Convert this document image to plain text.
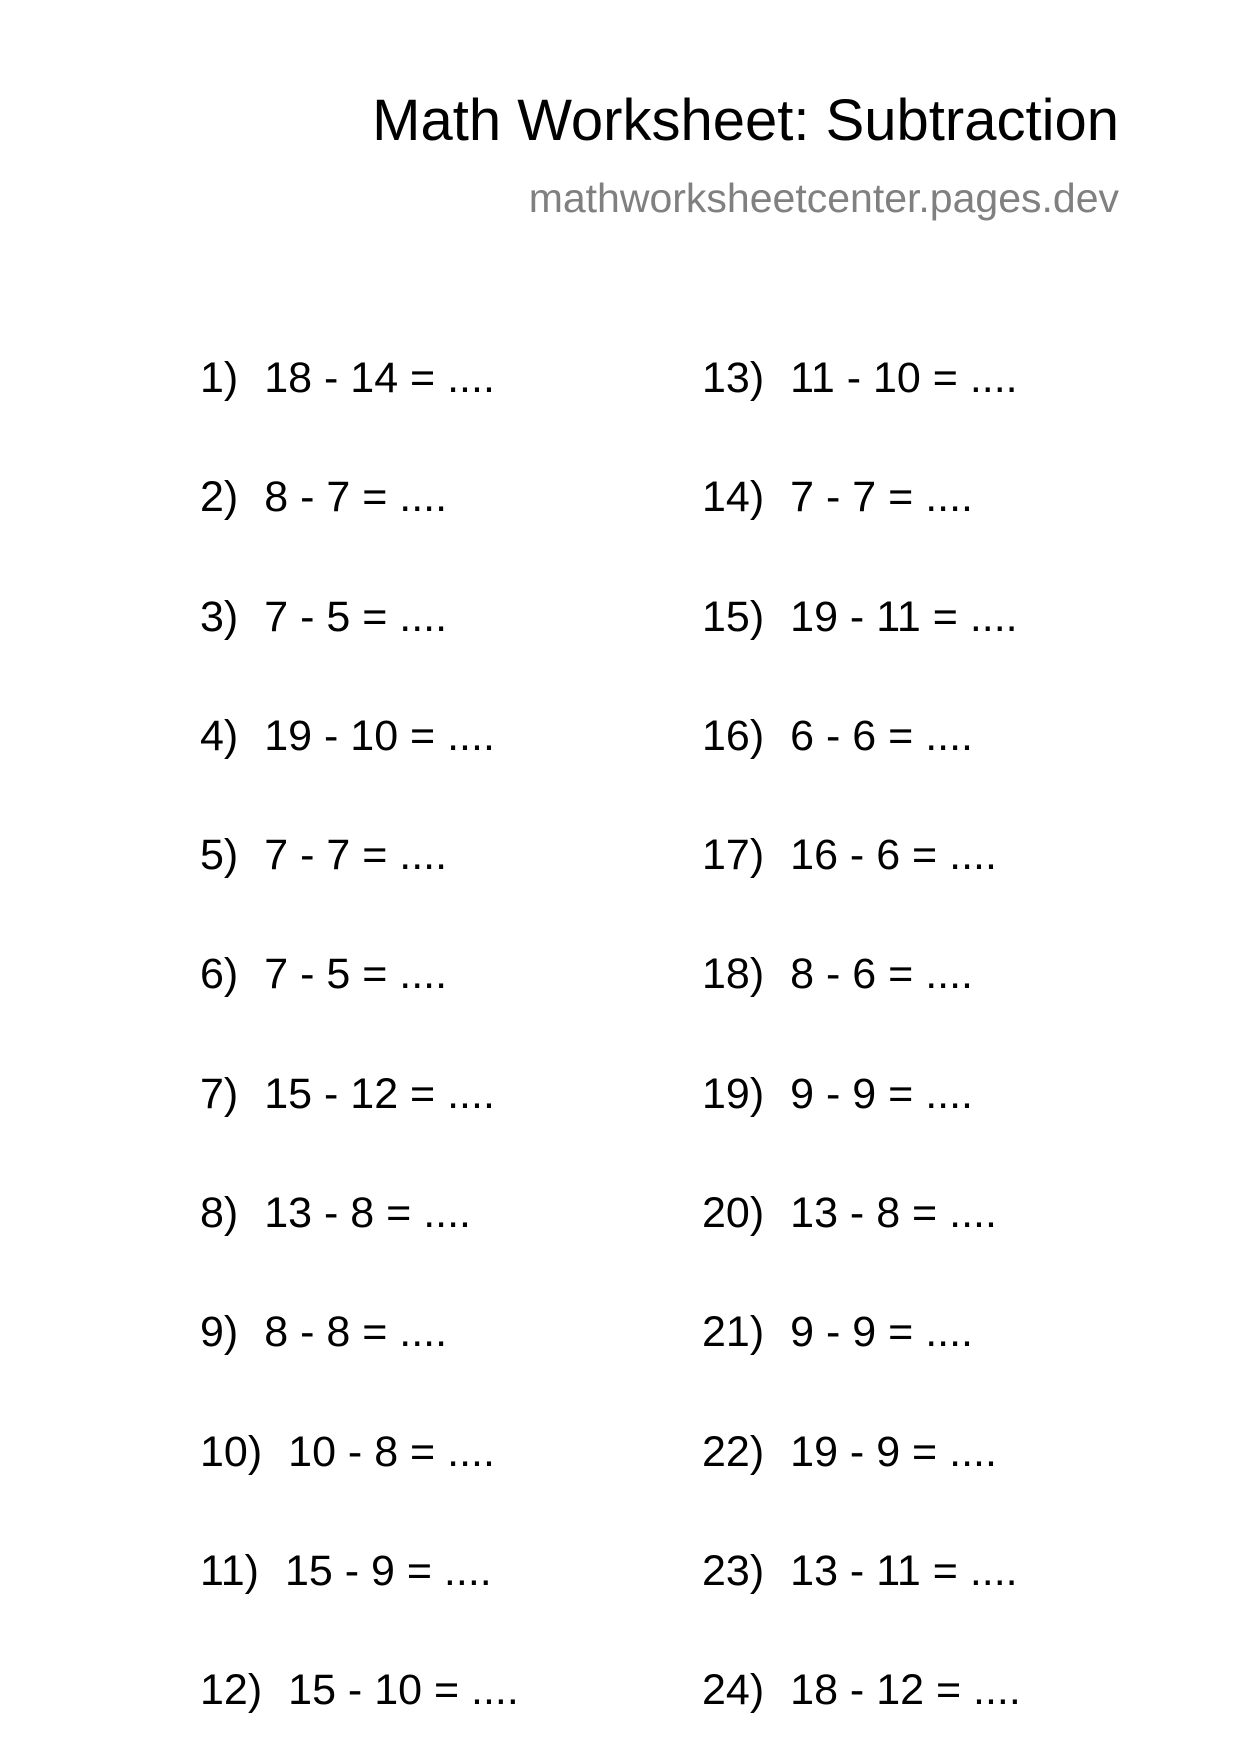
Math Worksheet: Subtraction
mathworksheetcenter.pages.dev
1) 18 - 14 = ....
2) 8 - 7 = ....
3) 7 - 5 = ....
4) 19 - 10 = ....
5) 7 - 7 = ....
6) 7 - 5 = ....
7) 15 - 12 = ....
8) 13 - 8 = ....
9) 8 - 8 = ....
10) 10 - 8 = ....
11) 15 - 9 = ....
12) 15 - 10 = ....
13) 11 - 10 = ....
14) 7 - 7 = ....
15) 19 - 11 = ....
16) 6 - 6 = ....
17) 16 - 6 = ....
18) 8 - 6 = ....
19) 9 - 9 = ....
20) 13 - 8 = ....
21) 9 - 9 = ....
22) 19 - 9 = ....
23) 13 - 11 = ....
24) 18 - 12 = ....
